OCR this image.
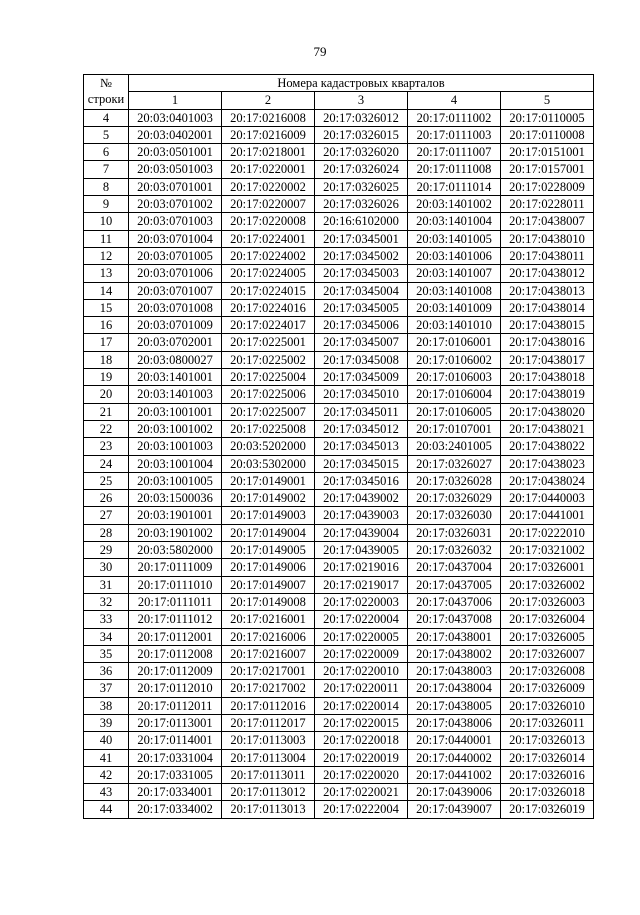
79
№
строки	Номера кадастровых кварталов				
	1	2	3	4	5
4	20:03:0401003	20:17:0216008	20:17:0326012	20:17:0111002	20:17:0110005
5	20:03:0402001	20:17:0216009	20:17:0326015	20:17:0111003	20:17:0110008
6	20:03:0501001	20:17:0218001	20:17:0326020	20:17:0111007	20:17:0151001
7	20:03:0501003	20:17:0220001	20:17:0326024	20:17:0111008	20:17:0157001
8	20:03:0701001	20:17:0220002	20:17:0326025	20:17:0111014	20:17:0228009
9	20:03:0701002	20:17:0220007	20:17:0326026	20:03:1401002	20:17:0228011
10	20:03:0701003	20:17:0220008	20:16:6102000	20:03:1401004	20:17:0438007
11	20:03:0701004	20:17:0224001	20:17:0345001	20:03:1401005	20:17:0438010
12	20:03:0701005	20:17:0224002	20:17:0345002	20:03:1401006	20:17:0438011
13	20:03:0701006	20:17:0224005	20:17:0345003	20:03:1401007	20:17:0438012
14	20:03:0701007	20:17:0224015	20:17:0345004	20:03:1401008	20:17:0438013
15	20:03:0701008	20:17:0224016	20:17:0345005	20:03:1401009	20:17:0438014
16	20:03:0701009	20:17:0224017	20:17:0345006	20:03:1401010	20:17:0438015
17	20:03:0702001	20:17:0225001	20:17:0345007	20:17:0106001	20:17:0438016
18	20:03:0800027	20:17:0225002	20:17:0345008	20:17:0106002	20:17:0438017
19	20:03:1401001	20:17:0225004	20:17:0345009	20:17:0106003	20:17:0438018
20	20:03:1401003	20:17:0225006	20:17:0345010	20:17:0106004	20:17:0438019
21	20:03:1001001	20:17:0225007	20:17:0345011	20:17:0106005	20:17:0438020
22	20:03:1001002	20:17:0225008	20:17:0345012	20:17:0107001	20:17:0438021
23	20:03:1001003	20:03:5202000	20:17:0345013	20:03:2401005	20:17:0438022
24	20:03:1001004	20:03:5302000	20:17:0345015	20:17:0326027	20:17:0438023
25	20:03:1001005	20:17:0149001	20:17:0345016	20:17:0326028	20:17:0438024
26	20:03:1500036	20:17:0149002	20:17:0439002	20:17:0326029	20:17:0440003
27	20:03:1901001	20:17:0149003	20:17:0439003	20:17:0326030	20:17:0441001
28	20:03:1901002	20:17:0149004	20:17:0439004	20:17:0326031	20:17:0222010
29	20:03:5802000	20:17:0149005	20:17:0439005	20:17:0326032	20:17:0321002
30	20:17:0111009	20:17:0149006	20:17:0219016	20:17:0437004	20:17:0326001
31	20:17:0111010	20:17:0149007	20:17:0219017	20:17:0437005	20:17:0326002
32	20:17:0111011	20:17:0149008	20:17:0220003	20:17:0437006	20:17:0326003
33	20:17:0111012	20:17:0216001	20:17:0220004	20:17:0437008	20:17:0326004
34	20:17:0112001	20:17:0216006	20:17:0220005	20:17:0438001	20:17:0326005
35	20:17:0112008	20:17:0216007	20:17:0220009	20:17:0438002	20:17:0326007
36	20:17:0112009	20:17:0217001	20:17:0220010	20:17:0438003	20:17:0326008
37	20:17:0112010	20:17:0217002	20:17:0220011	20:17:0438004	20:17:0326009
38	20:17:0112011	20:17:0112016	20:17:0220014	20:17:0438005	20:17:0326010
39	20:17:0113001	20:17:0112017	20:17:0220015	20:17:0438006	20:17:0326011
40	20:17:0114001	20:17:0113003	20:17:0220018	20:17:0440001	20:17:0326013
41	20:17:0331004	20:17:0113004	20:17:0220019	20:17:0440002	20:17:0326014
42	20:17:0331005	20:17:0113011	20:17:0220020	20:17:0441002	20:17:0326016
43	20:17:0334001	20:17:0113012	20:17:0220021	20:17:0439006	20:17:0326018
44	20:17:0334002	20:17:0113013	20:17:0222004	20:17:0439007	20:17:0326019
